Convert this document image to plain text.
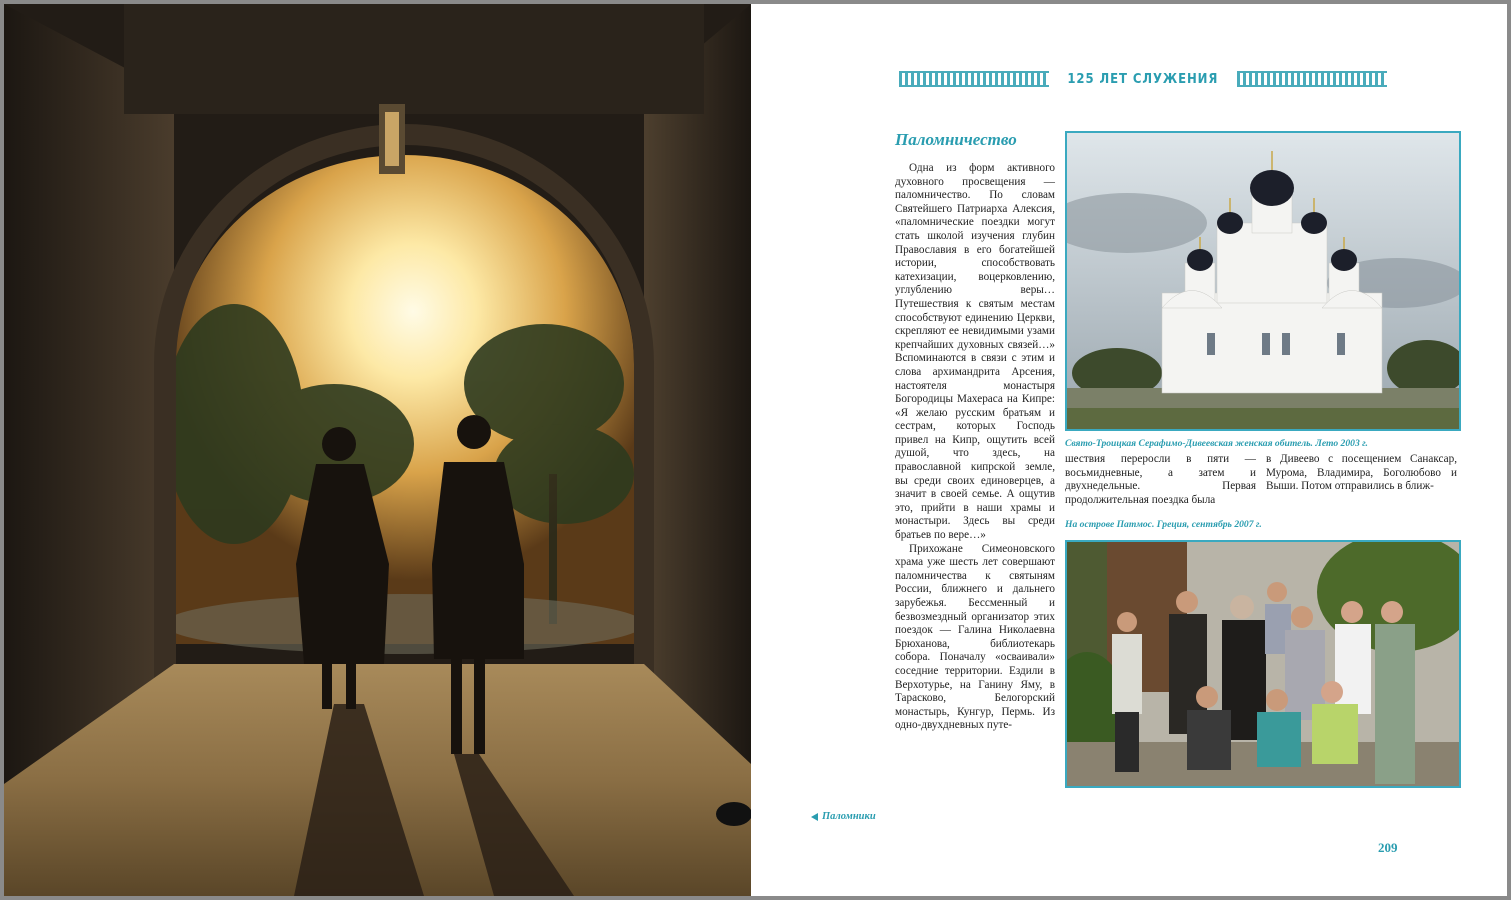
125 ЛЕТ СЛУЖЕНИЯ
Паломничество

Одна из форм активного духовного просвещения — паломничество. По словам Святейшего Патриарха Алексия, «паломнические поездки могут стать школой изучения глубин Православия в его богатейшей истории, способствовать катехизации, воцерковлению, углублению веры… Путешествия к святым местам способствуют единению Церкви, скрепляют ее невидимыми узами крепчайших духовных связей…» Вспоминаются в связи с этим и слова архимандрита Арсения, настоятеля монастыря Богородицы Махераса на Кипре: «Я желаю русским братьям и сестрам, которых Господь привел на Кипр, ощутить всей душой, что здесь, на православной кипрской земле, вы среди своих единоверцев, а значит в своей семье. А ощутив это, прийти в наши храмы и монастыри. Здесь вы среди братьев по вере…»

Прихожане Симеоновского храма уже шесть лет совершают паломничества к святыням России, ближнего и дальнего зарубежья. Бессменный и безвозмездный организатор этих поездок — Галина Николаевна Брюханова, библиотекарь собора. Поначалу «осваивали» соседние территории. Ездили в Верхотурье, на Ганину Яму, в Тарасково, Белогорский монастырь, Кунгур, Пермь. Из одно-двухдневных путе-

Свято-Троицкая Серафимо-Дивеевская женская обитель. Лето 2003 г.
шествия переросли в пяти — восьмидневные, а затем и двухнедельные. Первая продолжительная поездка была
в Дивеево с посещением Санаксар, Мурома, Владимира, Боголюбово и Выши. Потом отправились в ближ-
На острове Патмос. Греция, сентябрь 2007 г.
Паломники
209
